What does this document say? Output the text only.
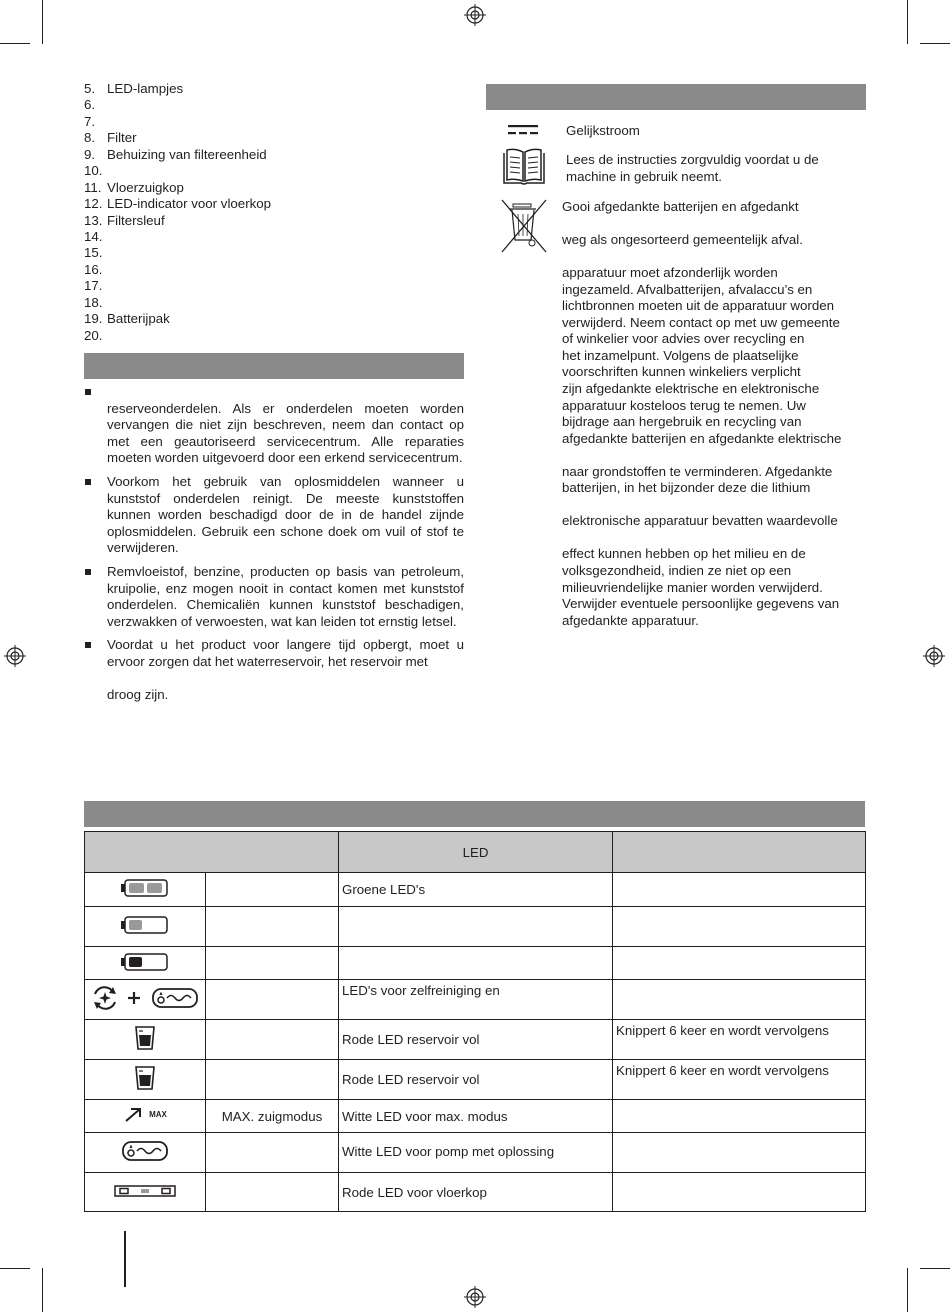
5. LED-lampjes
6.
7.
8. Filter
9. Behuizing van filtereenheid
10.
11. Vloerzuigkop
12. LED-indicator voor vloerkop
13. Filtersleuf
14.
15.
16.
17.
18.
19. Batterijpak
20.

reserveonderdelen. Als er onderdelen moeten worden vervangen die niet zijn beschreven, neem dan contact op met een geautoriseerd servicecentrum. Alle reparaties moeten worden uitgevoerd door een erkend servicecentrum.

Voorkom het gebruik van oplosmiddelen wanneer u kunststof onderdelen reinigt. De meeste kunststoffen kunnen worden beschadigd door de in de handel zijnde oplosmiddelen. Gebruik een schone doek om vuil of stof te verwijderen.

Remvloeistof, benzine, producten op basis van petroleum, kruipolie, enz mogen nooit in contact komen met kunststof onderdelen. Chemicaliën kunnen kunststof beschadigen, verzwakken of verwoesten, wat kan leiden tot ernstig letsel.

Voordat u het product voor langere tijd opbergt, moet u ervoor zorgen dat het waterreservoir, het reservoir met

droog zijn.

Gelijkstroom
Lees de instructies zorgvuldig voordat u de machine in gebruik neemt.

Gooi afgedankte batterijen en afgedankt

weg als ongesorteerd gemeentelijk afval.

apparatuur moet afzonderlijk worden

ingezameld. Afvalbatterijen, afvalaccu’s en

lichtbronnen moeten uit de apparatuur worden

verwijderd. Neem contact op met uw gemeente

of winkelier voor advies over recycling en

het inzamelpunt. Volgens de plaatselijke

voorschriften kunnen winkeliers verplicht

zijn afgedankte elektrische en elektronische

apparatuur kosteloos terug te nemen. Uw

bijdrage aan hergebruik en recycling van

afgedankte batterijen en afgedankte elektrische

naar grondstoffen te verminderen. Afgedankte

batterijen, in het bijzonder deze die lithium

elektronische apparatuur bevatten waardevolle

effect kunnen hebben op het milieu en de

volksgezondheid, indien ze niet op een

milieuvriendelijke manier worden verwijderd.

Verwijder eventuele persoonlijke gegevens van

afgedankte apparatuur.

		LED	
		Groene LED's	

		LED's voor zelfreiniging en	
		Rode LED reservoir vol	Knippert 6 keer en wordt vervolgens
		Rode LED reservoir vol	Knippert 6 keer en wordt vervolgens

MAX	MAX. zuigmodus	Witte LED voor max. modus	
		Witte LED voor pomp met oplossing	
		Rode LED voor vloerkop	
